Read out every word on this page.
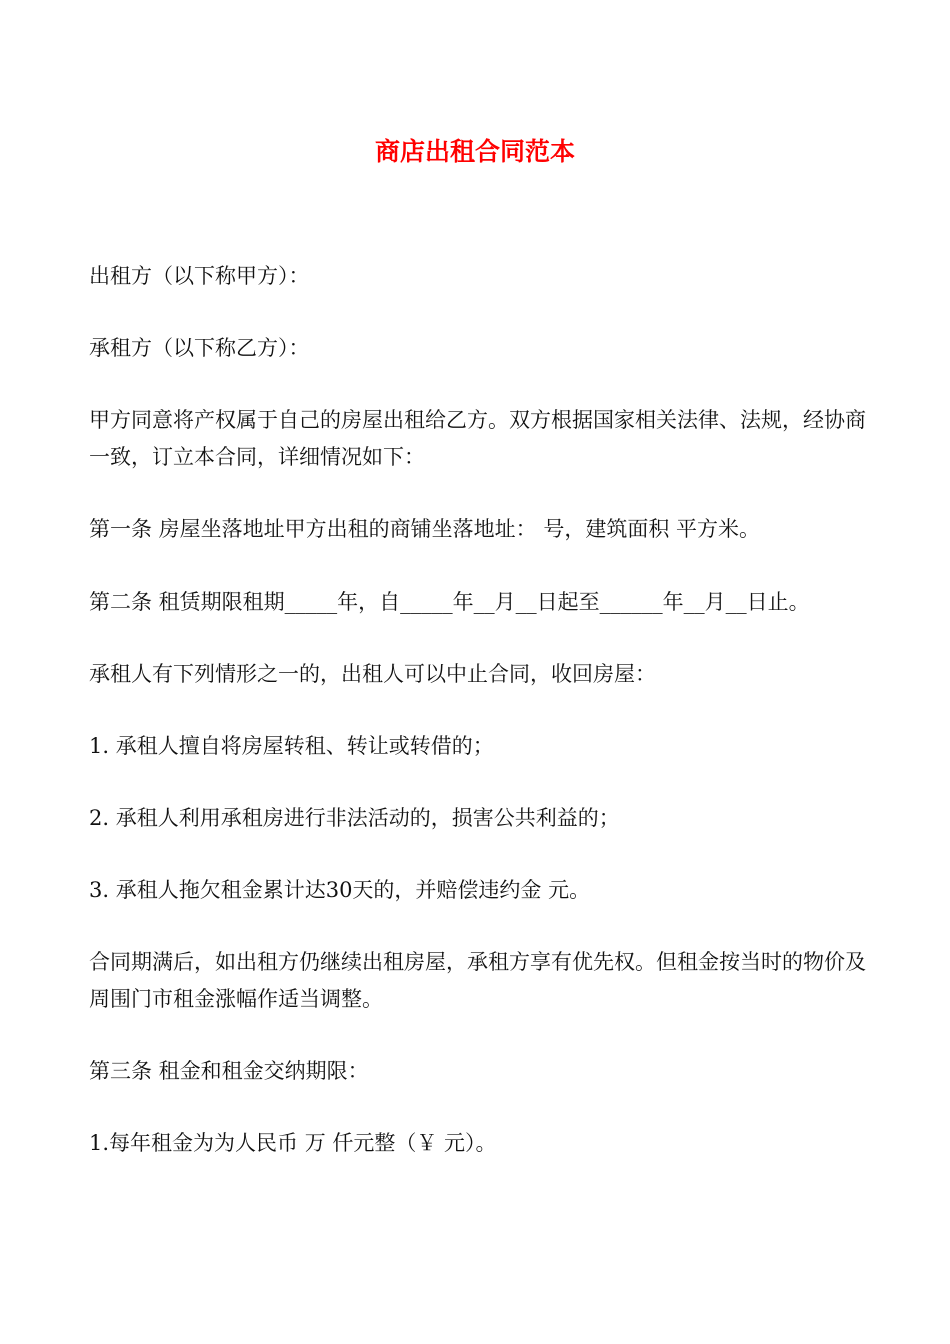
商店出租合同范本
出租方（以下称甲方）：
承租方（以下称乙方）：
甲方同意将产权属于自己的房屋出租给乙方。双方根据国家相关法律、法规，经协商一致，订立本合同，详细情况如下：
第一条 房屋坐落地址甲方出租的商铺坐落地址： 号，建筑面积 平方米。
第二条 租赁期限租期_____年，自_____年__月__日起至______年__月__日止。
承租人有下列情形之一的，出租人可以中止合同，收回房屋：
1. 承租人擅自将房屋转租、转让或转借的；
2. 承租人利用承租房进行非法活动的，损害公共利益的；
3. 承租人拖欠租金累计达30天的，并赔偿违约金 元。
合同期满后，如出租方仍继续出租房屋，承租方享有优先权。但租金按当时的物价及周围门市租金涨幅作适当调整。
第三条 租金和租金交纳期限：
1.每年租金为为人民币 万 仟元整（￥ 元）。
